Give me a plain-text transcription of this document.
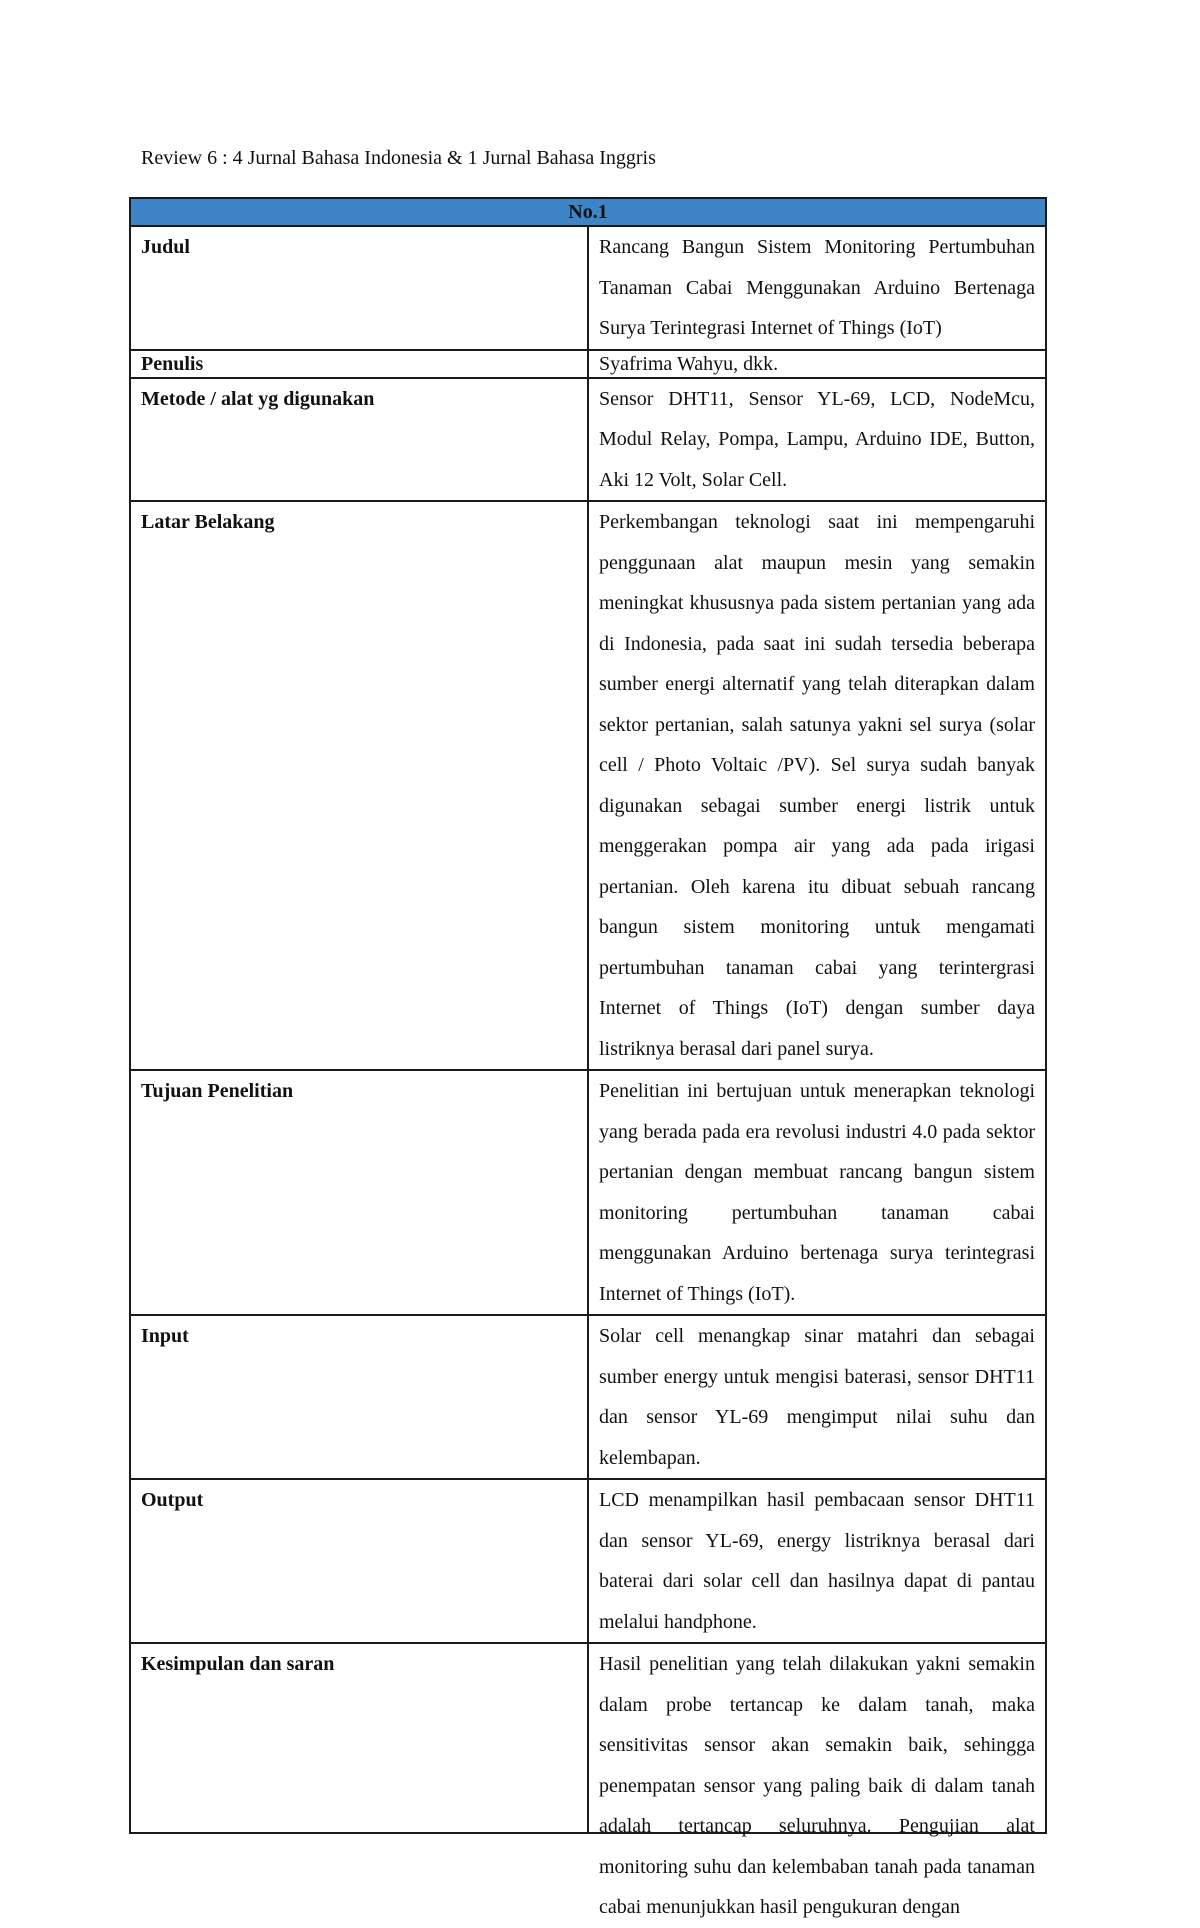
Review 6 : 4 Jurnal Bahasa Indonesia & 1 Jurnal Bahasa Inggris
No.1	
Judul	Rancang Bangun Sistem Monitoring Pertumbuhan Tanaman Cabai Menggunakan Arduino Bertenaga Surya Terintegrasi Internet of Things (IoT)
Penulis	Syafrima Wahyu, dkk.
Metode / alat yg digunakan	Sensor DHT11, Sensor YL-69, LCD, NodeMcu, Modul Relay, Pompa, Lampu, Arduino IDE, Button, Aki 12 Volt, Solar Cell.
Latar Belakang	Perkembangan teknologi saat ini mempengaruhi penggunaan alat maupun mesin yang semakin meningkat khususnya pada sistem pertanian yang ada di Indonesia, pada saat ini sudah tersedia beberapa sumber energi alternatif yang telah diterapkan dalam sektor pertanian, salah satunya yakni sel surya (solar cell / Photo Voltaic /PV). Sel surya sudah banyak digunakan sebagai sumber energi listrik untuk menggerakan pompa air yang ada pada irigasi pertanian. Oleh karena itu dibuat sebuah rancang bangun sistem monitoring untuk mengamati pertumbuhan tanaman cabai yang terintergrasi Internet of Things (IoT) dengan sumber daya listriknya berasal dari panel surya.
Tujuan Penelitian	Penelitian ini bertujuan untuk menerapkan teknologi yang berada pada era revolusi industri 4.0 pada sektor pertanian dengan membuat rancang bangun sistem monitoring pertumbuhan tanaman cabai menggunakan Arduino bertenaga surya terintegrasi Internet of Things (IoT).
Input	Solar cell menangkap sinar matahri dan sebagai sumber energy untuk mengisi baterasi, sensor DHT11 dan sensor YL-69 mengimput nilai suhu dan kelembapan.
Output	LCD menampilkan hasil pembacaan sensor DHT11 dan sensor YL-69, energy listriknya berasal dari baterai dari solar cell dan hasilnya dapat di pantau melalui handphone.

Kesimpulan dan saran	Hasil penelitian yang telah dilakukan yakni semakin dalam probe tertancap ke dalam tanah, maka sensitivitas sensor akan semakin baik, sehingga penempatan sensor yang paling baik di dalam tanah adalah tertancap seluruhnya. Pengujian alat monitoring suhu dan kelembaban tanah pada tanaman cabai menunjukkan hasil pengukuran dengan
